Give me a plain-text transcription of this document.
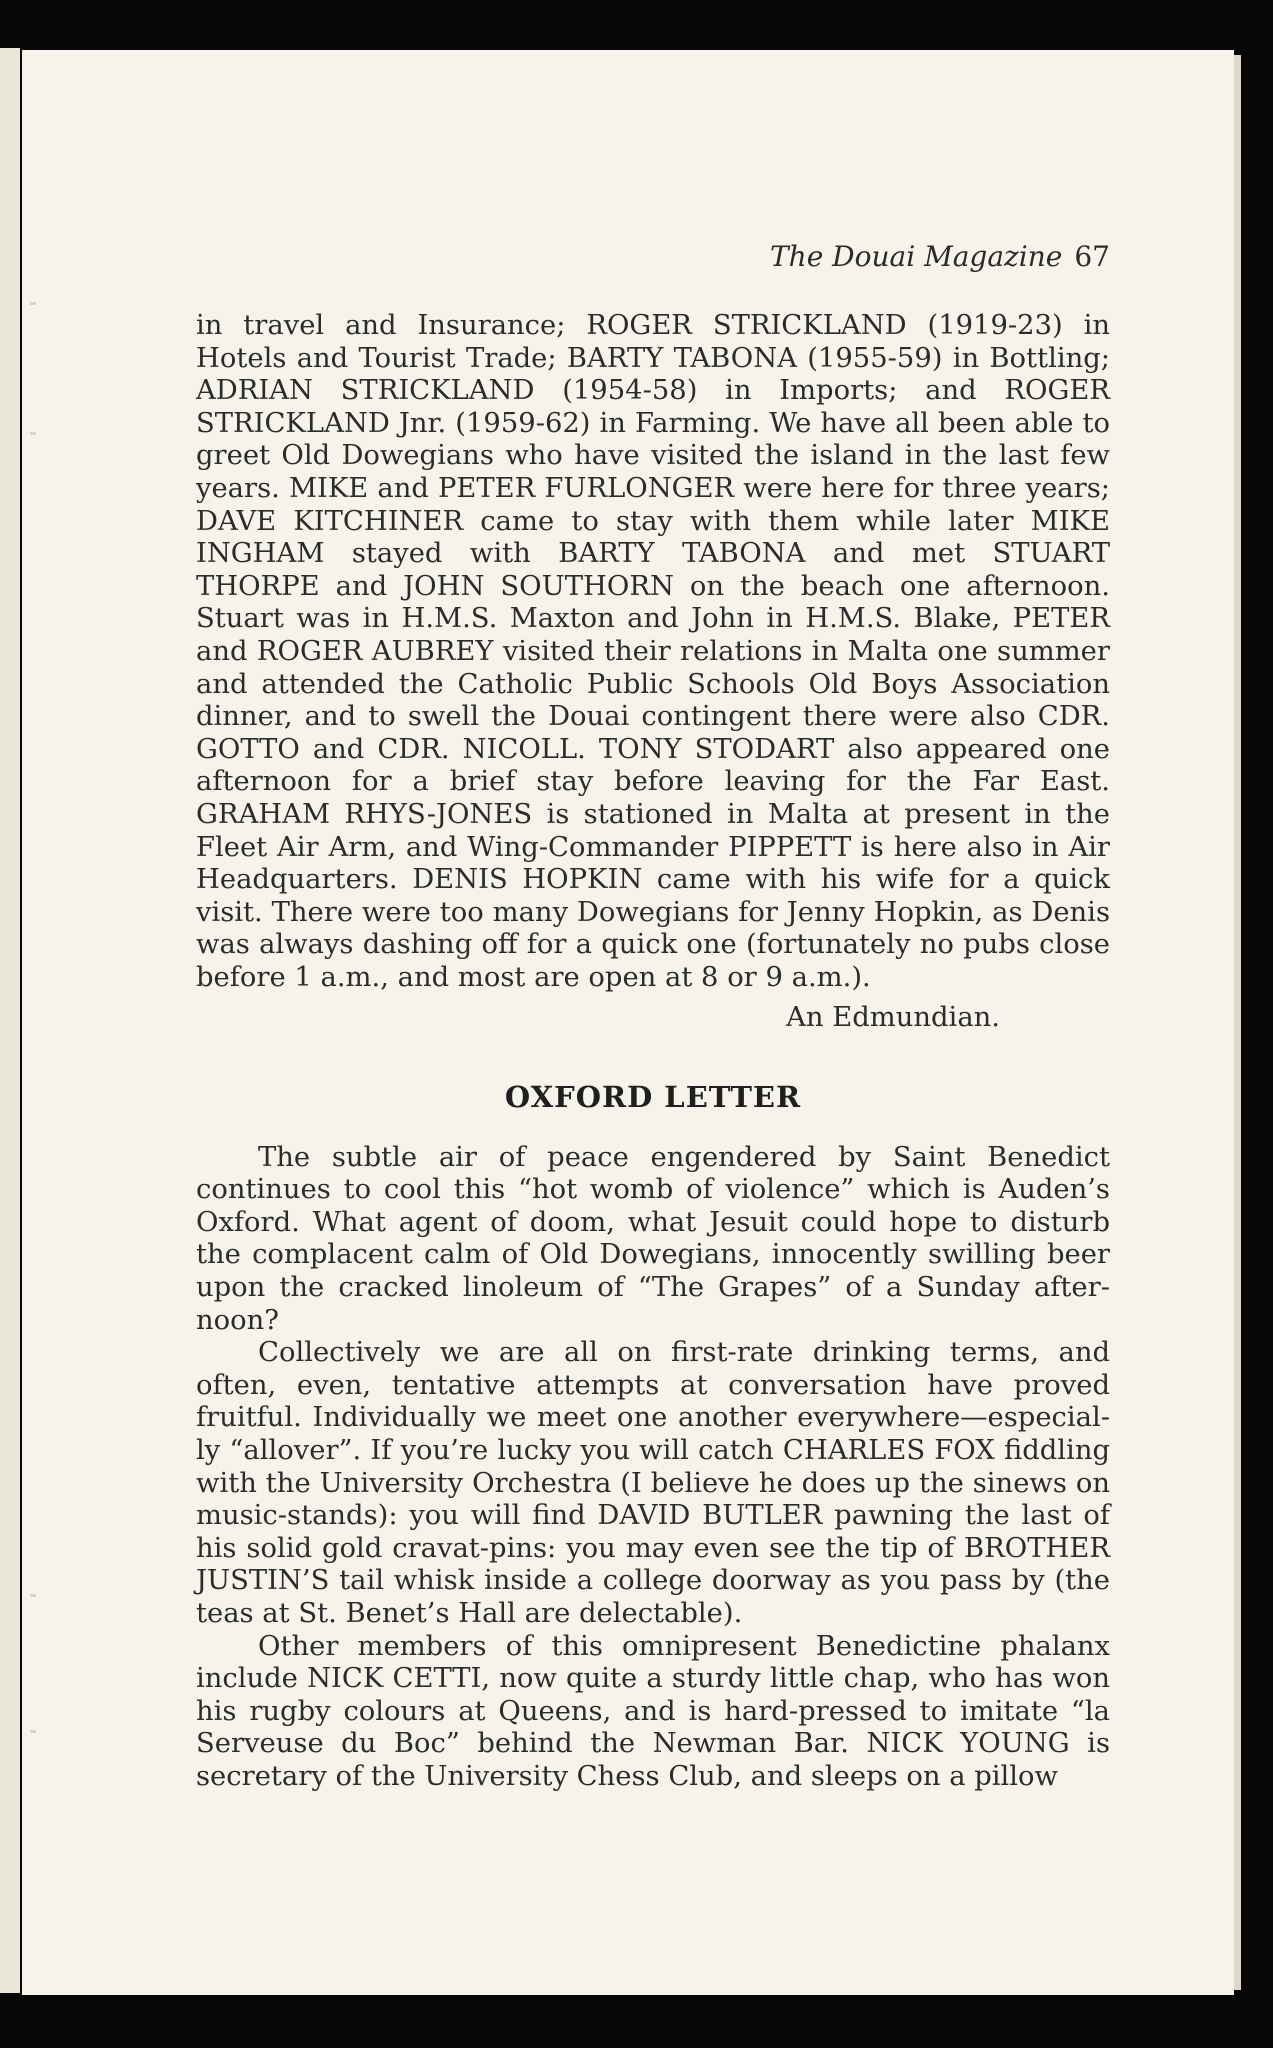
The Douai Magazine 67

in travel and Insurance; ROGER STRICKLAND (1919-23) in Hotels and Tourist Trade; BARTY TABONA (1955-59) in Bottling; ADRIAN STRICKLAND (1954-58) in Imports; and ROGER STRICKLAND Jnr. (1959-62) in Farming. We have all been able to greet Old Dowegians who have visited the island in the last few years. MIKE and PETER FURLONGER were here for three years; DAVE KITCHINER came to stay with them while later MIKE INGHAM stayed with BARTY TABONA and met STUART THORPE and JOHN SOUTHORN on the beach one afternoon. Stuart was in H.M.S. Maxton and John in H.M.S. Blake, PETER and ROGER AUBREY visited their relations in Malta one summer and attended the Catholic Public Schools Old Boys Association dinner, and to swell the Douai contingent there were also CDR. GOTTO and CDR. NICOLL. TONY STODART also appeared one afternoon for a brief stay before leaving for the Far East. GRAHAM RHYS-JONES is stationed in Malta at present in the Fleet Air Arm, and Wing-Commander PIPPETT is here also in Air Headquarters. DENIS HOPKIN came with his wife for a quick visit. There were too many Dowegians for Jenny Hopkin, as Denis was always dashing off for a quick one (fortunately no pubs close before 1 a.m., and most are open at 8 or 9 a.m.).

An Edmundian.
OXFORD LETTER

The subtle air of peace engendered by Saint Benedict continues to cool this “hot womb of violence” which is Auden’s Oxford. What agent of doom, what Jesuit could hope to disturb the complacent calm of Old Dowegians, innocently swilling beer upon the cracked linoleum of “The Grapes” of a Sunday after-noon?

Collectively we are all on first-rate drinking terms, and often, even, tentative attempts at conversation have proved fruitful. Individually we meet one another everywhere—especial-ly “allover”. If you’re lucky you will catch CHARLES FOX fiddling with the University Orchestra (I believe he does up the sinews on music-stands): you will find DAVID BUTLER pawning the last of his solid gold cravat-pins: you may even see the tip of BROTHER JUSTIN’S tail whisk inside a college doorway as you pass by (the teas at St. Benet’s Hall are delectable).

Other members of this omnipresent Benedictine phalanx include NICK CETTI, now quite a sturdy little chap, who has won his rugby colours at Queens, and is hard-pressed to imitate “la Serveuse du Boc” behind the Newman Bar. NICK YOUNG is secretary of the University Chess Club, and sleeps on a pillow
